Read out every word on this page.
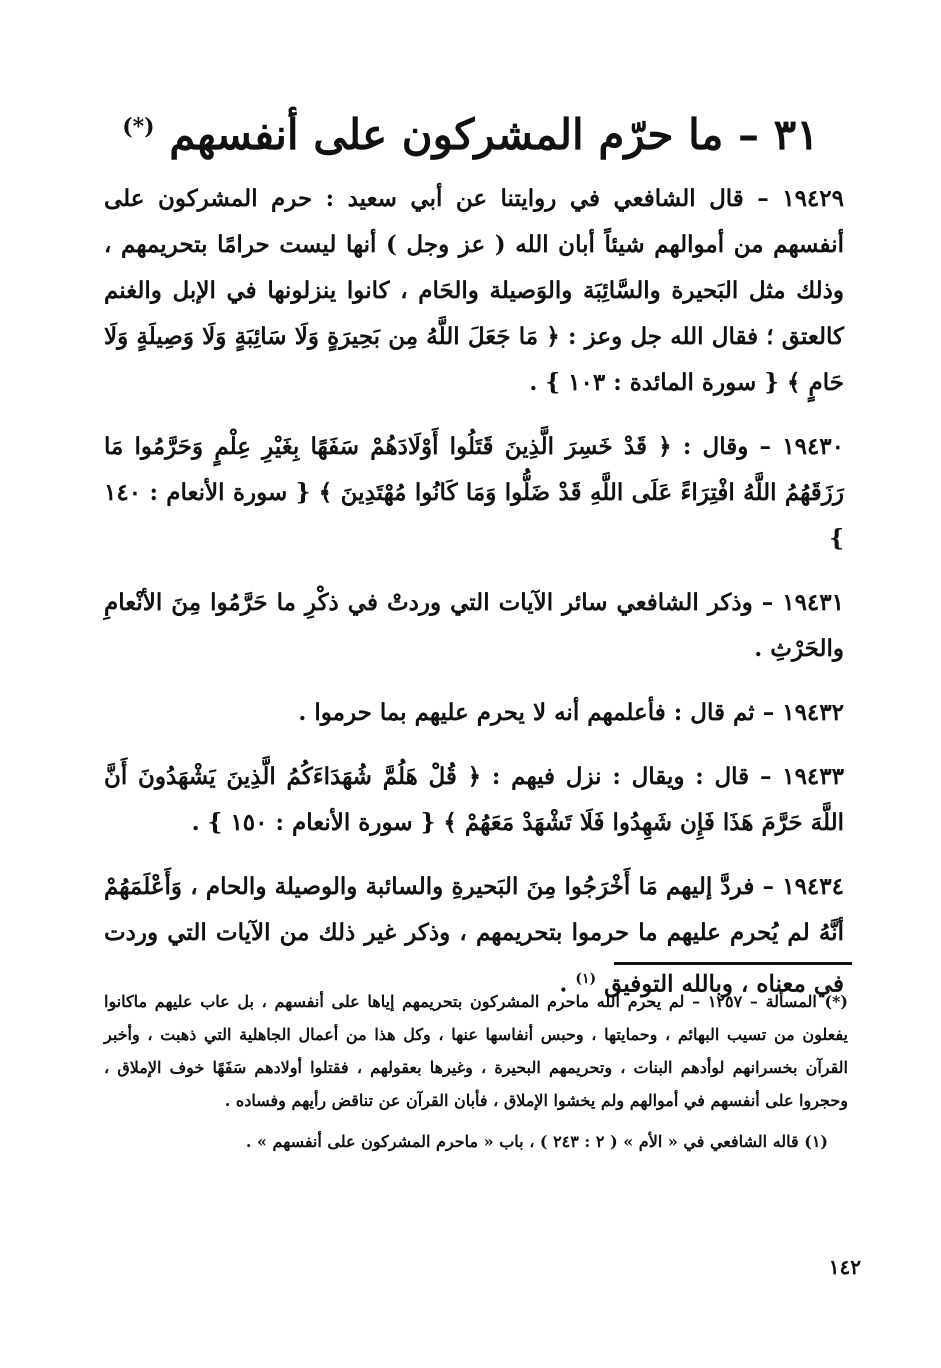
٣١ – ما حرّم المشركون على أنفسهم (*)

١٩٤٢٩ – قال الشافعي في روايتنا عن أبي سعيد : حرم المشركون على أنفسهم من أموالهم شيئاً أبان الله ( عز وجل ) أنها ليست حرامًا بتحريمهم ، وذلك مثل البَحيرة والسَّائِبَة والوَصيلة والحَام ، كانوا ينزلونها في الإبل والغنم كالعتق ؛ فقال الله جل وعز : ﴿ مَا جَعَلَ اللَّهُ مِن بَحِيرَةٍ وَلَا سَائِبَةٍ وَلَا وَصِيلَةٍ وَلَا حَامٍ ﴾ { سورة المائدة : ١٠٣ } .

١٩٤٣٠ – وقال : ﴿ قَدْ خَسِرَ الَّذِينَ قَتَلُوا أَوْلَادَهُمْ سَفَهًا بِغَيْرِ عِلْمٍ وَحَرَّمُوا مَا رَزَقَهُمُ اللَّهُ افْتِرَاءً عَلَى اللَّهِ قَدْ ضَلُّوا وَمَا كَانُوا مُهْتَدِينَ ﴾ { سورة الأنعام : ١٤٠ }

١٩٤٣١ – وذكر الشافعي سائر الآيات التي وردتْ في ذكْرِ ما حَرَّمُوا مِنَ الأنْعامِ والحَرْثِ .

١٩٤٣٢ – ثم قال : فأعلمهم أنه لا يحرم عليهم بما حرموا .

١٩٤٣٣ – قال : ويقال : نزل فيهم : ﴿ قُلْ هَلُمَّ شُهَدَاءَكُمُ الَّذِينَ يَشْهَدُونَ أَنَّ اللَّهَ حَرَّمَ هَذَا فَإِن شَهِدُوا فَلَا تَشْهَدْ مَعَهُمْ ﴾ { سورة الأنعام : ١٥٠ } .

١٩٤٣٤ – فردَّ إليهم مَا أَخْرَجُوا مِنَ البَحيرةِ والسائبة والوصيلة والحام ، وَأَعْلَمَهُمْ أنَّهُ لم يُحرم عليهم ما حرموا بتحريمهم ، وذكر غير ذلك من الآيات التي وردت في معناه ، وبالله التوفيق $^{(١)}$ .

(*) المسألة – ١٢٥٧ – لم يحرم الله ماحرم المشركون بتحريمهم إياها على أنفسهم ، بل عاب عليهم ماكانوا يفعلون من تسيب البهائم ، وحمايتها ، وحبس أنفاسها عنها ، وكل هذا من أعمال الجاهلية التي ذهبت ، وأخبر القرآن بخسرانهم لوأدهم البنات ، وتحريمهم البحيرة ، وغيرها بعقولهم ، فقتلوا أولادهم سَفَهًا خوف الإملاق ، وحجروا على أنفسهم في أموالهم ولم يخشوا الإملاق ، فأبان القرآن عن تناقض رأيهم وفساده .

(١) قاله الشافعي في « الأم » ( ٢ : ٢٤٣ ) ، باب « ماحرم المشركون على أنفسهم » .

١٤٢
